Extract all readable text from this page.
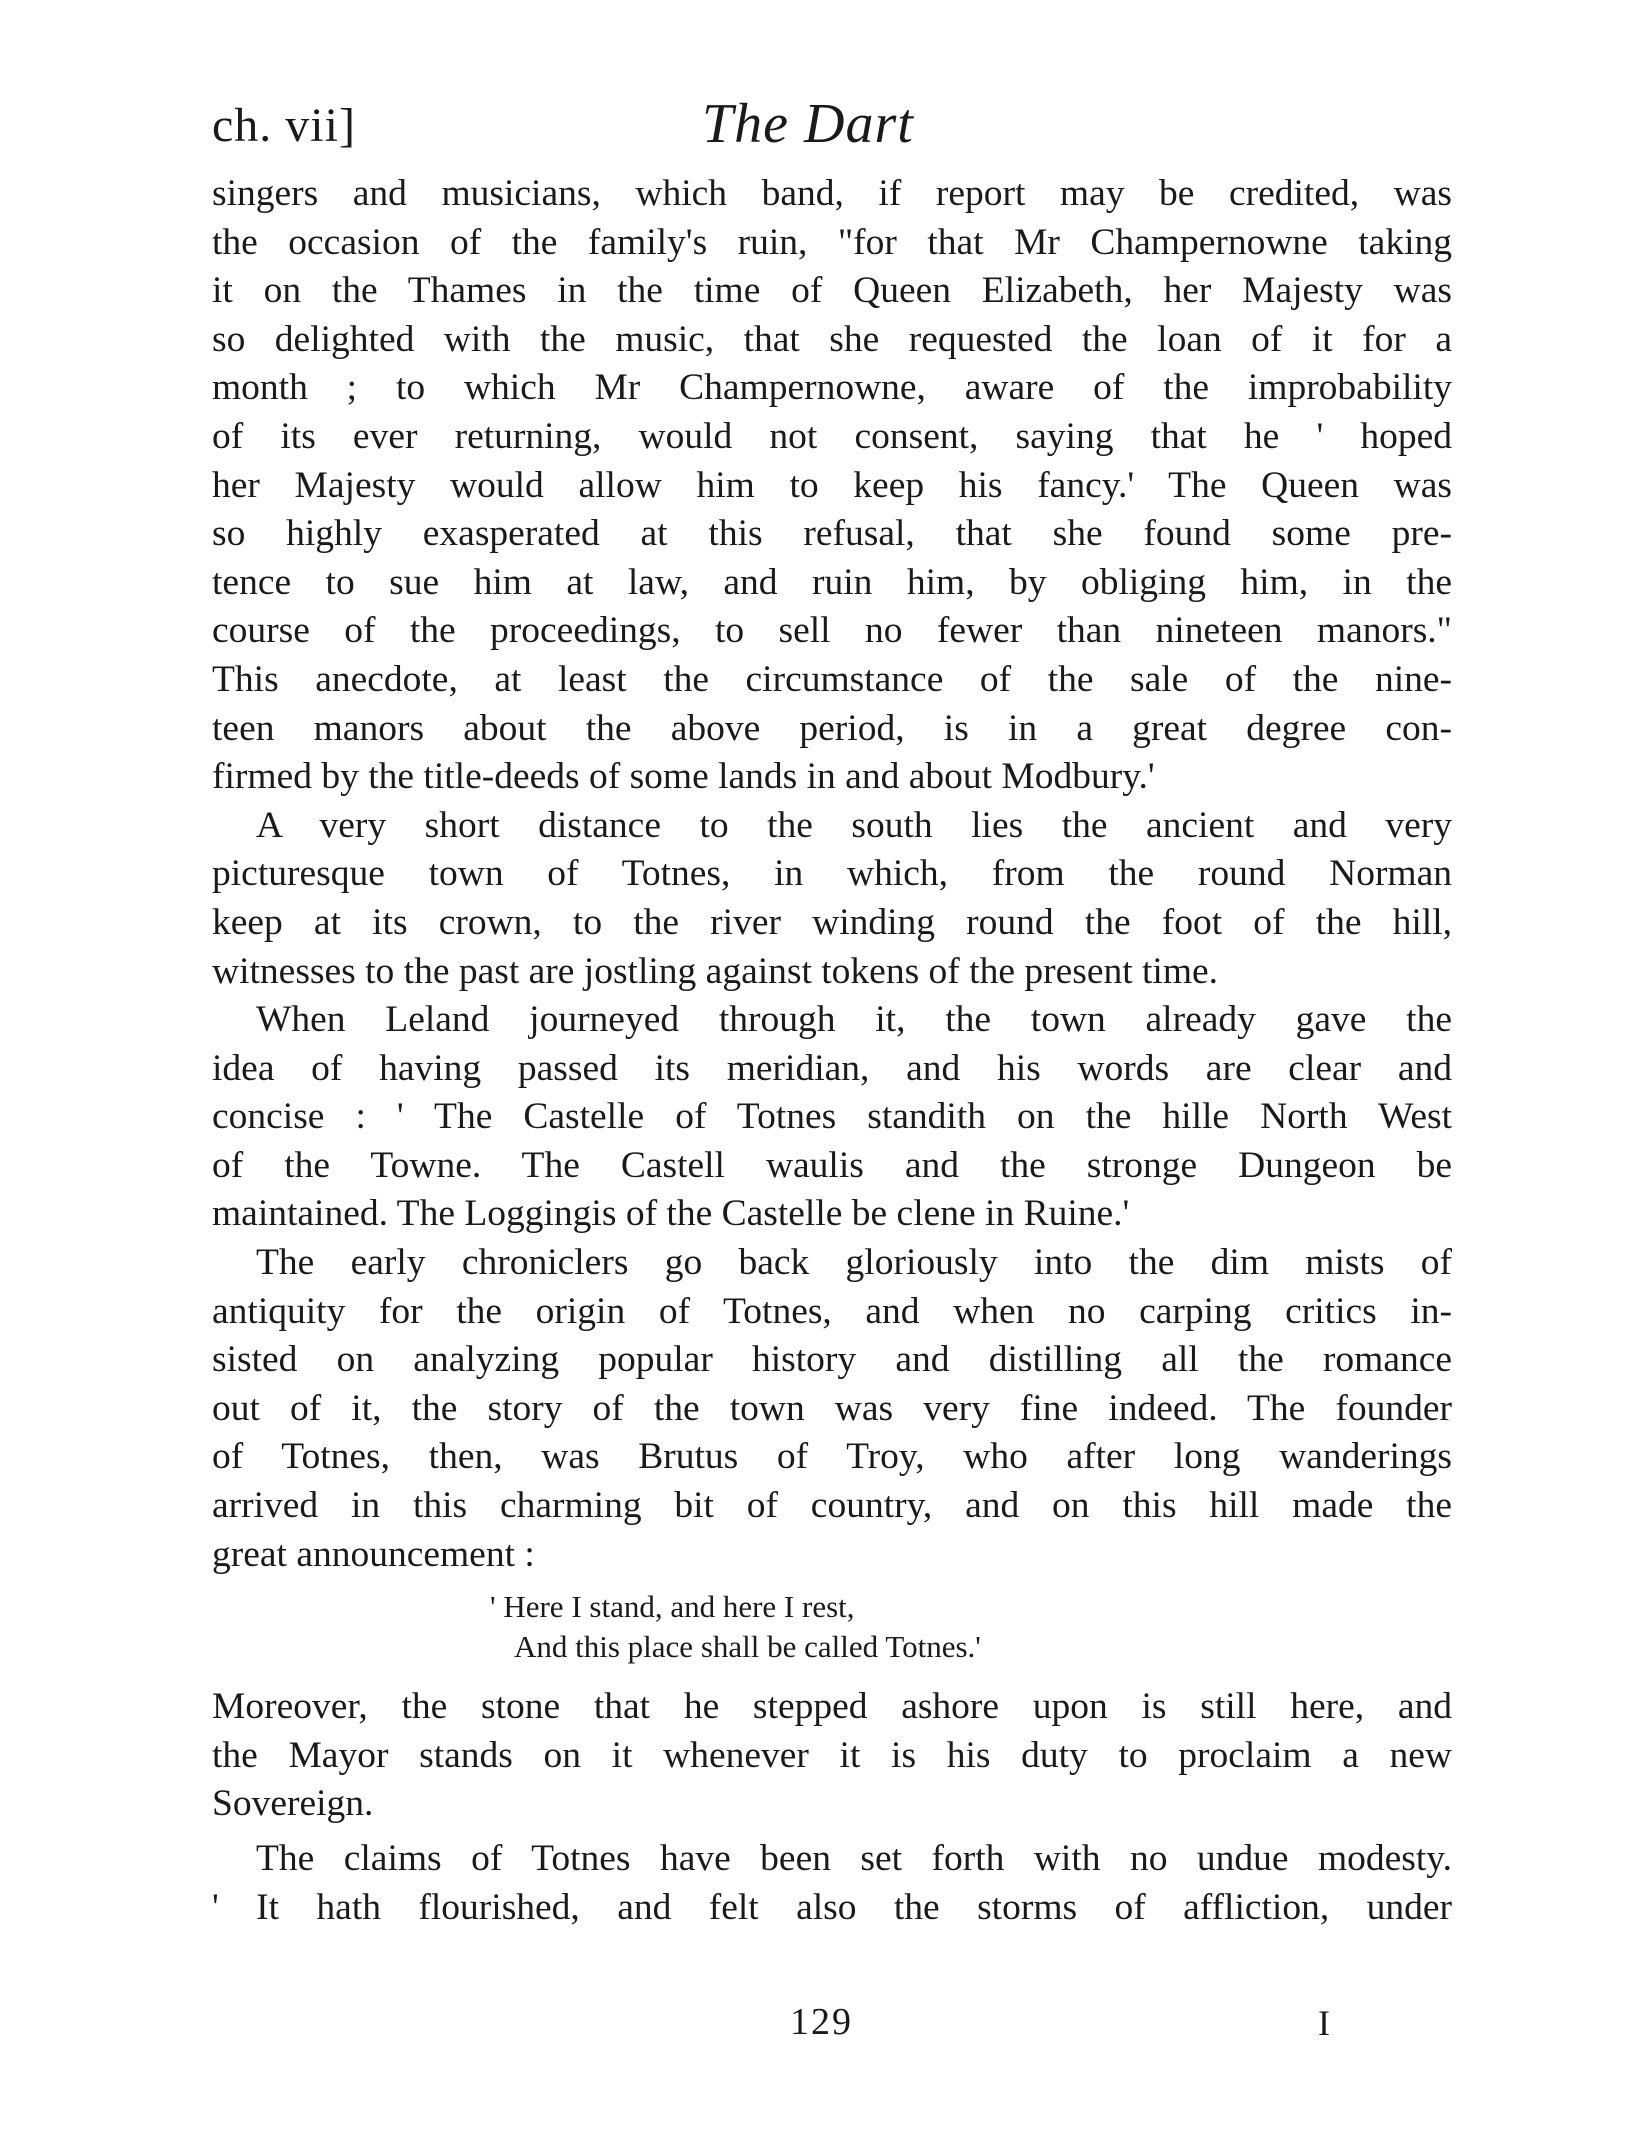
ch. vii]	The Dart
singers and musicians, which band, if report may be credited, was
the occasion of the family's ruin, "for that Mr Champernowne taking
it on the Thames in the time of Queen Elizabeth, her Majesty was
so delighted with the music, that she requested the loan of it for a
month ; to which Mr Champernowne, aware of the improbability
of its ever returning, would not consent, saying that he ' hoped
her Majesty would allow him to keep his fancy.' The Queen was
so highly exasperated at this refusal, that she found some pre-
tence to sue him at law, and ruin him, by obliging him, in the
course of the proceedings, to sell no fewer than nineteen manors."
This anecdote, at least the circumstance of the sale of the nine-
teen manors about the above period, is in a great degree con-
firmed by the title-deeds of some lands in and about Modbury.'
A very short distance to the south lies the ancient and very
picturesque town of Totnes, in which, from the round Norman
keep at its crown, to the river winding round the foot of the hill,
witnesses to the past are jostling against tokens of the present time.
When Leland journeyed through it, the town already gave the
idea of having passed its meridian, and his words are clear and
concise : ' The Castelle of Totnes standith on the hille North West
of the Towne. The Castell waulis and the stronge Dungeon be
maintained. The Loggingis of the Castelle be clene in Ruine.'
The early chroniclers go back gloriously into the dim mists of
antiquity for the origin of Totnes, and when no carping critics in-
sisted on analyzing popular history and distilling all the romance
out of it, the story of the town was very fine indeed. The founder
of Totnes, then, was Brutus of Troy, who after long wanderings
arrived in this charming bit of country, and on this hill made the
great announcement :
' Here I stand, and here I rest,
And this place shall be called Totnes.'
Moreover, the stone that he stepped ashore upon is still here, and
the Mayor stands on it whenever it is his duty to proclaim a new
Sovereign.
The claims of Totnes have been set forth with no undue modesty.
' It hath flourished, and felt also the storms of affliction, under
129	I
